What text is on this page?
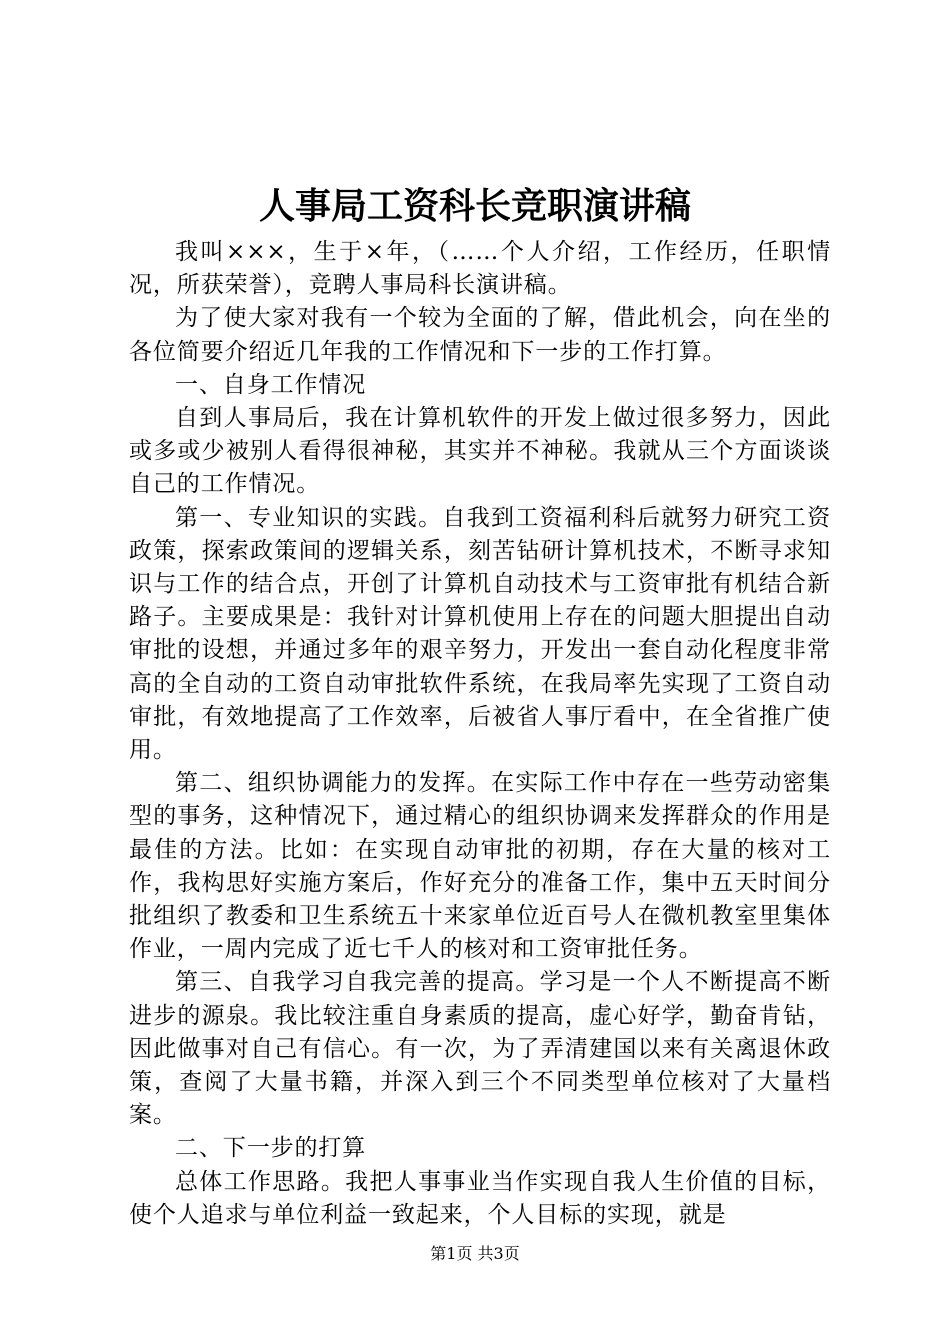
人事局工资科长竞职演讲稿

我叫×××，生于×年，（……个人介绍，工作经历，任职情况，所获荣誉），竞聘人事局科长演讲稿。

为了使大家对我有一个较为全面的了解，借此机会，向在坐的各位简要介绍近几年我的工作情况和下一步的工作打算。

一、自身工作情况

自到人事局后，我在计算机软件的开发上做过很多努力，因此或多或少被别人看得很神秘，其实并不神秘。我就从三个方面谈谈自己的工作情况。

第一、专业知识的实践。自我到工资福利科后就努力研究工资政策，探索政策间的逻辑关系，刻苦钻研计算机技术，不断寻求知识与工作的结合点，开创了计算机自动技术与工资审批有机结合新路子。主要成果是：我针对计算机使用上存在的问题大胆提出自动审批的设想，并通过多年的艰辛努力，开发出一套自动化程度非常高的全自动的工资自动审批软件系统，在我局率先实现了工资自动审批，有效地提高了工作效率，后被省人事厅看中，在全省推广使用。

第二、组织协调能力的发挥。在实际工作中存在一些劳动密集型的事务，这种情况下，通过精心的组织协调来发挥群众的作用是最佳的方法。比如：在实现自动审批的初期，存在大量的核对工作，我构思好实施方案后，作好充分的准备工作，集中五天时间分批组织了教委和卫生系统五十来家单位近百号人在微机教室里集体作业，一周内完成了近七千人的核对和工资审批任务。

第三、自我学习自我完善的提高。学习是一个人不断提高不断进步的源泉。我比较注重自身素质的提高，虚心好学，勤奋肯钻，因此做事对自己有信心。有一次，为了弄清建国以来有关离退休政策，查阅了大量书籍，并深入到三个不同类型单位核对了大量档案。

二、下一步的打算

总体工作思路。我把人事事业当作实现自我人生价值的目标，使个人追求与单位利益一致起来，个人目标的实现，就是

第1页 共3页
